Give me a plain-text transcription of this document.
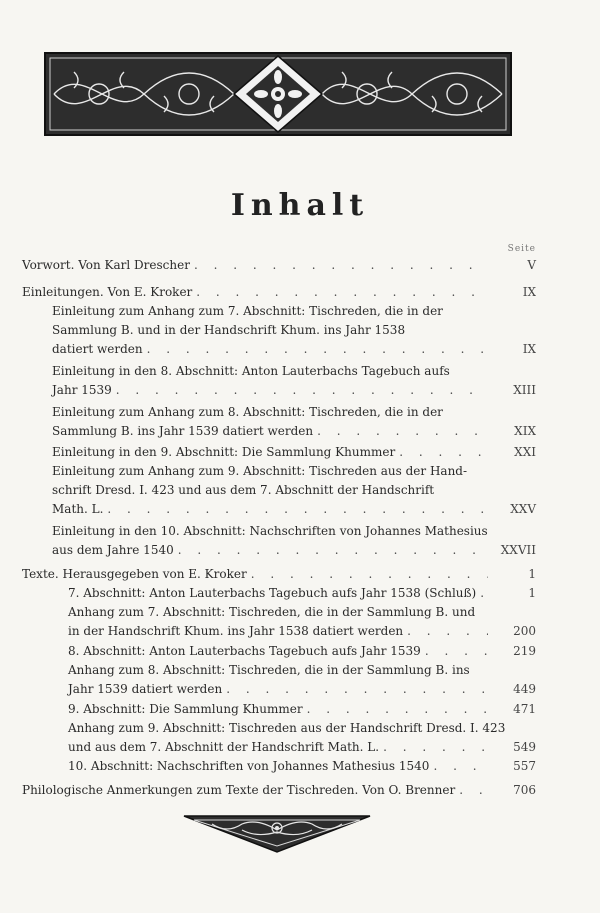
Inhalt
Seite
Vorwort. Von Karl Drescher . . .	V
Einleitungen. Von E. Kroker . . .	IX
Einleitung zum Anhang zum 7. Abschnitt: Tischreden, die in der
Sammlung B. und in der Handschrift Khum. ins Jahr 1538
datiert werden . . .	IX
Einleitung in den 8. Abschnitt: Anton Lauterbachs Tagebuch aufs
Jahr 1539 . . .	XIII
Einleitung zum Anhang zum 8. Abschnitt: Tischreden, die in der
Sammlung B. ins Jahr 1539 datiert werden . . .	XIX
Einleitung in den 9. Abschnitt: Die Sammlung Khummer . . .	XXI
Einleitung zum Anhang zum 9. Abschnitt: Tischreden aus der Hand-
schrift Dresd. I. 423 und aus dem 7. Abschnitt der Handschrift
Math. L. . . .	XXV
Einleitung in den 10. Abschnitt: Nachschriften von Johannes Mathesius
aus dem Jahre 1540 . . .	XXVII
Texte. Herausgegeben von E. Kroker . . .	1
7. Abschnitt: Anton Lauterbachs Tagebuch aufs Jahr 1538 (Schluß) . . .	1
Anhang zum 7. Abschnitt: Tischreden, die in der Sammlung B. und
in der Handschrift Khum. ins Jahr 1538 datiert werden . . .	200
8. Abschnitt: Anton Lauterbachs Tagebuch aufs Jahr 1539 . . .	219
Anhang zum 8. Abschnitt: Tischreden, die in der Sammlung B. ins
Jahr 1539 datiert werden . . .	449
9. Abschnitt: Die Sammlung Khummer . . .	471
Anhang zum 9. Abschnitt: Tischreden aus der Handschrift Dresd. I. 423
und aus dem 7. Abschnitt der Handschrift Math. L. . . .	549
10. Abschnitt: Nachschriften von Johannes Mathesius 1540 . . .	557
Philologische Anmerkungen zum Texte der Tischreden. Von O. Brenner . . .	706
